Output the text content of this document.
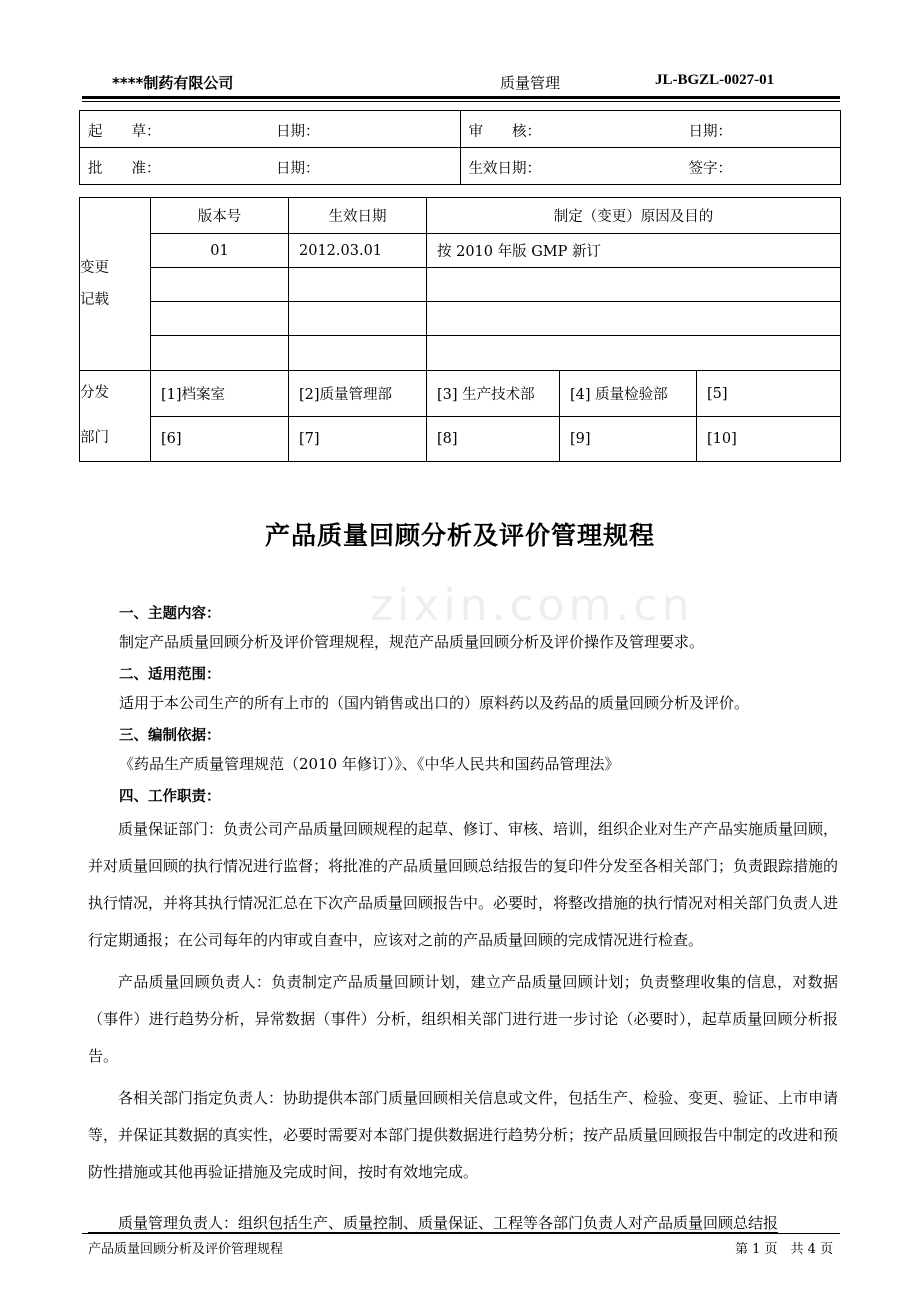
****制药有限公司	质量管理	JL-BGZL-0027-01
起　　草： 日期：	审　　核： 日期：

批　　准： 日期：	生效日期： 签字：
变更
记载	版本号	生效日期	制定（变更）原因及目的		
	01	2012.03.01	按 2010 年版 GMP 新订		

分发
部门	[1]档案室	[2]质量管理部	[3] 生产技术部	[4] 质量检验部	[5]
	[6]	[7]	[8]	[9]	[10]
产品质量回顾分析及评价管理规程
zixin.com.cn

一、主题内容：

制定产品质量回顾分析及评价管理规程，规范产品质量回顾分析及评价操作及管理要求。

二、适用范围：

适用于本公司生产的所有上市的（国内销售或出口的）原料药以及药品的质量回顾分析及评价。

三、编制依据：

《药品生产质量管理规范（2010 年修订）》、《中华人民共和国药品管理法》

四、工作职责：

质量保证部门：负责公司产品质量回顾规程的起草、修订、审核、培训，组织企业对生产产品实施质量回顾，并对质量回顾的执行情况进行监督；将批准的产品质量回顾总结报告的复印件分发至各相关部门；负责跟踪措施的执行情况，并将其执行情况汇总在下次产品质量回顾报告中。必要时，将整改措施的执行情况对相关部门负责人进行定期通报；在公司每年的内审或自查中，应该对之前的产品质量回顾的完成情况进行检查。

产品质量回顾负责人：负责制定产品质量回顾计划，建立产品质量回顾计划；负责整理收集的信息，对数据（事件）进行趋势分析，异常数据（事件）分析，组织相关部门进行进一步讨论（必要时），起草质量回顾分析报告。

各相关部门指定负责人：协助提供本部门质量回顾相关信息或文件，包括生产、检验、变更、验证、上市申请等，并保证其数据的真实性，必要时需要对本部门提供数据进行趋势分析；按产品质量回顾报告中制定的改进和预防性措施或其他再验证措施及完成时间，按时有效地完成。

　　质量管理负责人：组织包括生产、质量控制、质量保证、工程等各部门负责人对产品质量回顾总结报
产品质量回顾分析及评价管理规程	第 1 页　共 4 页
